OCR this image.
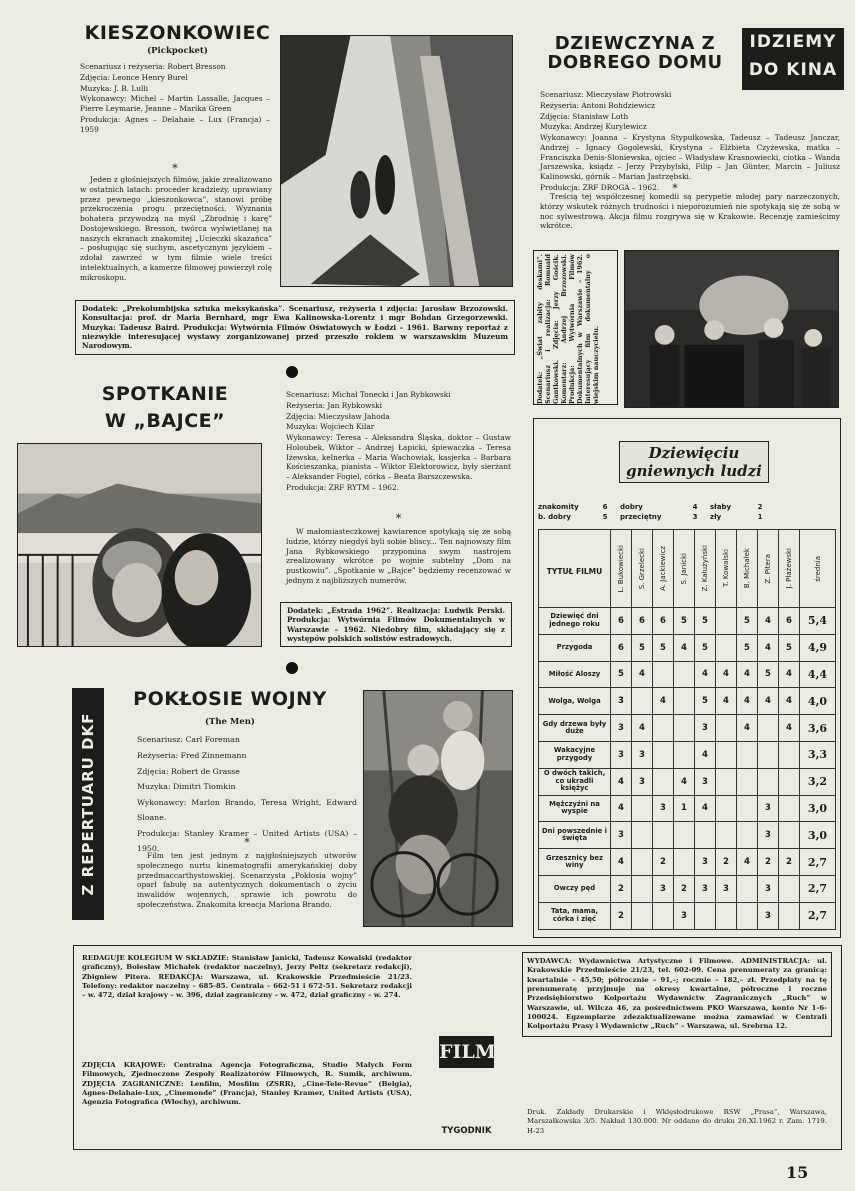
KIESZONKOWIEC
(Pickpocket)
Scenariusz i reżyseria: Robert Bresson
Zdjęcia: Leonce Henry Burel
Muzyka: J. B. Lulli
Wykonawcy: Michel – Martin Lassalle, Jacques – Pierre Leymarie, Jeanne – Marika Green
Produkcja: Agnes – Delahaie – Lux (Francja) – 1959
*
Jeden z głośniejszych filmów, jakie zrealizowano w ostatnich latach: proceder kradzieży, uprawiany przez pewnego „kieszonkowca”, stanowi próbę przekroczenia progu przeciętności. Wyznania bohatera przywodzą na myśl „Zbrodnię i karę” Dostojewskiego. Bresson, twórca wyświetlanej na naszych ekranach znakomitej „Ucieczki skazańca” – posługując się suchym, ascetycznym językiem – zdołał zawrzeć w tym filmie wiele treści intelektualnych, a kamerze filmowej powierzył rolę mikroskopu.
Dodatek: „Prekolumbijska sztuka meksykańska”. Scenariusz, reżyseria i zdjęcia: Jarosław Brzozowski. Konsultacja: prof. dr Maria Bernhard, mgr Ewa Kalinowska-Lorentz i mgr Bohdan Grzegorzewski. Muzyka: Tadeusz Baird. Produkcja: Wytwórnia Filmów Oświatowych w Łodzi – 1961. Barwny reportaż z niezwykle interesującej wystawy zorganizowanej przed przeszło rokiem w warszawskim Muzeum Narodowym.
DZIEWCZYNA Z DOBREGO DOMU
IDZIEMY
DO KINA
Scenariusz: Mieczysław Piotrowski
Reżyseria: Antoni Bohdziewicz
Zdjęcia: Stanisław Loth
Muzyka: Andrzej Kurylewicz
Wykonawcy: Joanna – Krystyna Stypułkowska, Tadeusz – Tadeusz Janczar, Andrzej – Ignacy Gogolewski, Krystyna – Elżbieta Czyżewska, matka – Franciszka Denis-Słoniewska, ojciec – Władysław Krasnowiecki, ciotka – Wanda Jarszewska, ksiądz – Jerzy Przybylski, Filip – Jan Günter, Marcin – Juliusz Kalinowski, górnik – Marian Jastrzębski.
Produkcja: ZRF DROGA – 1962.	*
Treścią tej współczesnej komedii są perypetie młodej pary narzeczonych, którzy wskutek różnych trudności i nieporozumień nie spotykają się ze sobą w noc sylwestrową. Akcja filmu rozgrywa się w Krakowie. Recenzję zamieścimy wkrótce.
Dodatek: „Świat zabity deskami”. Scenariusz i realizacja: Romuald Gantkowski. Zdjęcia: Jerzy Gościk. Komentarz: Andrzej Brzozowski. Produkcja: Wytwórnia Filmów Dokumentalnych w Warszawie – 1962. Interesujący film dokumentalny o wiejskim nauczycielu.
SPOTKANIE
W „BAJCE”
Scenariusz: Michał Tonecki i Jan Rybkowski
Reżyseria: Jan Rybkowski
Zdjęcia: Mieczysław Jahoda
Muzyka: Wojciech Kilar
Wykonawcy: Teresa – Aleksandra Śląska, doktor – Gustaw Holoubek, Wiktor – Andrzej Łapicki, śpiewaczka – Teresa Iżewska, kelnerka – Maria Wachowiak, kasjerka – Barbara Kościeszanka, pianista – Wiktor Elektorowicz, były sierżant – Aleksander Fogiel, córka – Beata Barszczewska.
Produkcja: ZRF RYTM – 1962.
*
W małomiasteczkowej kawiarence spotykają się ze sobą ludzie, którzy niegdyś byli sobie bliscy... Ten najnowszy film Jana Rybkowskiego przypomina swym nastrojem zrealizowany wkrótce po wojnie subtelny „Dom na pustkowiu”. „Spotkanie w „Bajce” będziemy recenzować w jednym z najbliższych numerów.
Dodatek: „Estrada 1962”. Realizacja: Ludwik Perski. Produkcja: Wytwórnia Filmów Dokumentalnych w Warszawie – 1962. Niedobry film, składający się z występów polskich solistów estradowych.
Z REPERTUARU DKF
POKŁOSIE WOJNY
(The Men)
Scenariusz: Carl Foreman
Reżyseria: Fred Zinnemann
Zdjęcia: Robert de Grasse
Muzyka: Dimitri Tiomkin
Wykonawcy: Marlon Brando, Teresa Wright, Edward Sloane.
Produkcja: Stanley Kramer – United Artists (USA) – 1950.	*
Film ten jest jednym z najgłośniejszych utworów społecznego nurtu kinematografii amerykańskiej doby przedmaccarthystowskiej. Scenarzysta „Pokłosia wojny” oparł fabułę na autentycznych dokumentach o życiu inwalidów wojennych, sprawie ich powrotu do społeczeństwa. Znakomita kreacja Marlona Brando.
Dziewięciu
gniewnych ludzi
znakomity	6	dobry	4	słaby	2
b. dobry	5	przeciętny	3	zły	1
TYTUŁ FILMU	L. Bukowiecki	S. Grzelecki	A. Jackiewicz	S. Janicki	Z. Kałużyński	T. Kowalski	B. Michałek	Z. Pitera	J. Płażewski	średnia

Dziewięć dni jednego roku	6	6	6	5	5		5	4	6	5,4
Przygoda	6	5	5	4	5		5	4	5	4,9
Miłość Aloszy	5	4			4	4	4	5	4	4,4
Wolga, Wolga	3		4		5	4	4	4	4	4,0
Gdy drzewa były duże	3	4			3		4		4	3,6
Wakacyjne przygody	3	3			4					3,3
O dwóch takich, co ukradli księżyc	4	3		4	3					3,2
Mężczyźni na wyspie	4		3	1	4			3		3,0
Dni powszednie i święta	3							3		3,0
Grzesznicy bez winy	4		2		3	2	4	2	2	2,7
Owczy pęd	2		3	2	3	3		3		2,7
Tata, mama, córka i zięć	2			3				3		2,7
REDAGUJE KOLEGIUM W SKŁADZIE: Stanisław Janicki, Tadeusz Kowalski (redaktor graficzny), Bolesław Michałek (redaktor naczelny), Jerzy Peltz (sekretarz redakcji), Zbigniew Pitera. REDAKCJA: Warszawa, ul. Krakowskie Przedmieście 21/23. Telefony: redaktor naczelny – 685-85. Centrala – 662-51 i 672-51. Sekretarz redakcji – w. 472, dział krajowy – w. 396, dział zagraniczny – w. 472, dział graficzny – w. 274.
ZDJĘCIA KRAJOWE: Centralna Agencja Fotograficzna, Studio Małych Form Filmowych, Zjednoczone Zespoły Realizatorów Filmowych, R. Sumik, archiwum. ZDJĘCIA ZAGRANICZNE: Lenfilm, Mosfilm (ZSRR), „Cine-Tele-Revue” (Belgia), Agnes-Delahaie-Lux, „Cinemonde” (Francja), Stanley Kramer, United Artists (USA), Agenzia Fotografica (Włochy), archiwum.
FILM
TYGODNIK
WYDAWCA: Wydawnictwa Artystyczne i Filmowe. ADMINISTRACJA: ul. Krakowskie Przedmieście 21/23, tel. 602-09. Cena prenumeraty za granicą: kwartalnie – 45,50; półrocznie – 91,–; rocznie – 182,– zł. Przedpłaty na tę prenumeratę przyjmuje na okresy kwartalne, półroczne i roczne Przedsiębiorstwo Kolportażu Wydawnictw Zagranicznych „Ruch” w Warszawie, ul. Wilcza 46, za pośrednictwem PKO Warszawa, konto Nr 1-6-100024. Egzemplarze zdezaktualizowane można zamawiać w Centrali Kolportażu Prasy i Wydawnictw „Ruch” – Warszawa, ul. Srebrna 12.
Druk. Zakłady Drukarskie i Wklęsłodrukowe RSW „Prasa”, Warszawa, Marszałkowska 3/5. Nakład 130.000. Nr oddano do druku 26.XI.1962 r. Zam. 1719. H-23
15
